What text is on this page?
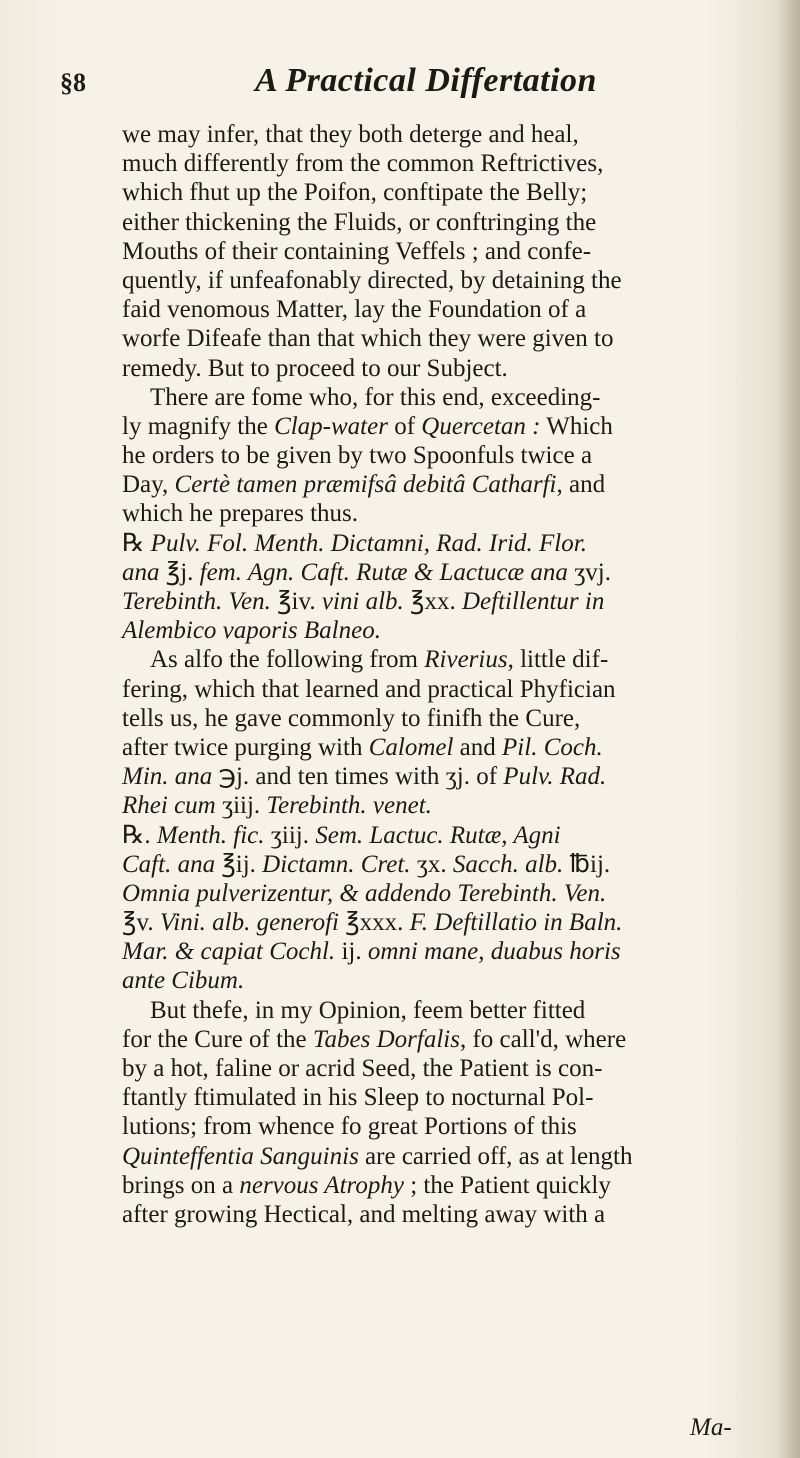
§8	A Practical Differtation
we may infer, that they both deterge and heal,
much differently from the common Reftrictives,
which fhut up the Poifon, conftipate the Belly;
either thickening the Fluids, or conftringing the
Mouths of their containing Veffels ; and confe-
quently, if unfeafonably directed, by detaining the
faid venomous Matter, lay the Foundation of a
worfe Difeafe than that which they were given to
remedy. But to proceed to our Subject.
There are fome who, for this end, exceeding-
ly magnify the Clap-water of Quercetan : Which
he orders to be given by two Spoonfuls twice a
Day, Certè tamen præmifsâ debitâ Catharfi, and
which he prepares thus.
℞ Pulv. Fol. Menth. Dictamni, Rad. Irid. Flor.
ana ℥j. fem. Agn. Caft. Rutæ & Lactucæ ana ʒvj.
Terebinth. Ven. ℥iv. vini alb. ℥xx. Deftillentur in
Alembico vaporis Balneo.
As alfo the following from Riverius, little dif-
fering, which that learned and practical Phyfician
tells us, he gave commonly to finifh the Cure,
after twice purging with Calomel and Pil. Coch.
Min. ana ℈j. and ten times with ʒj. of Pulv. Rad.
Rhei cum ʒiij. Terebinth. venet.
℞. Menth. fic. ʒiij. Sem. Lactuc. Rutæ, Agni
Caft. ana ℥ij. Dictamn. Cret. ʒx. Sacch. alb. ℔ij.
Omnia pulverizentur, & addendo Terebinth. Ven.
℥v. Vini. alb. generofi ℥xxx. F. Deftillatio in Baln.
Mar. & capiat Cochl. ij. omni mane, duabus horis
ante Cibum.
But thefe, in my Opinion, feem better fitted
for the Cure of the Tabes Dorfalis, fo call'd, where
by a hot, faline or acrid Seed, the Patient is con-
ftantly ftimulated in his Sleep to nocturnal Pol-
lutions; from whence fo great Portions of this
Quinteffentia Sanguinis are carried off, as at length
brings on a nervous Atrophy ; the Patient quickly
after growing Hectical, and melting away with a
Ma-
